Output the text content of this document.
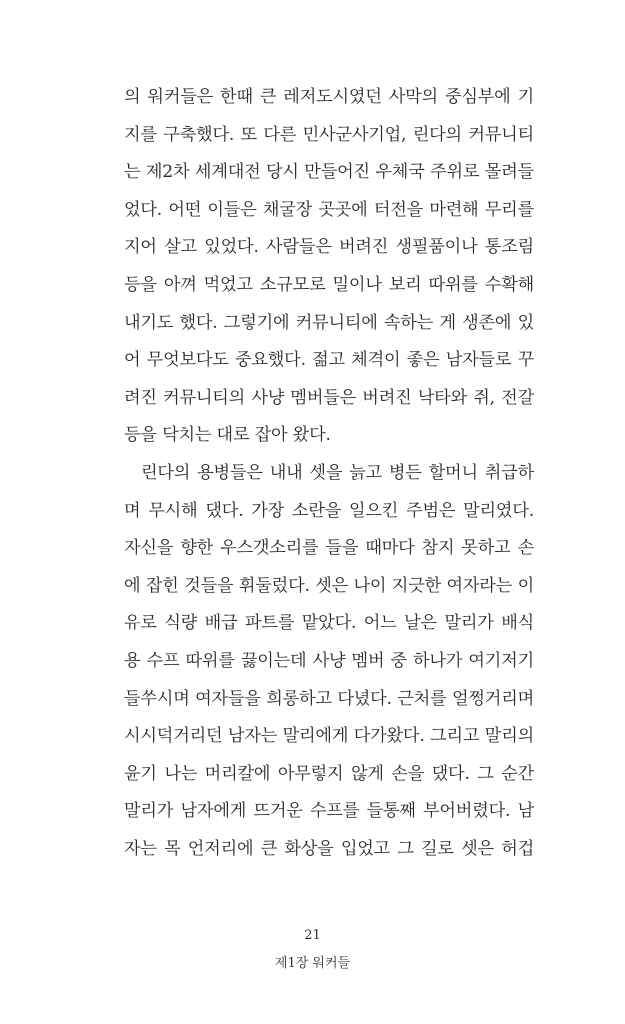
의 워커들은 한때 큰 레저도시였던 사막의 중심부에 기
지를 구축했다. 또 다른 민사군사기업, 린다의 커뮤니티
는 제2차 세계대전 당시 만들어진 우체국 주위로 몰려들
었다. 어떤 이들은 채굴장 곳곳에 터전을 마련해 무리를
지어 살고 있었다. 사람들은 버려진 생필품이나 통조림
등을 아껴 먹었고 소규모로 밀이나 보리 따위를 수확해
내기도 했다. 그렇기에 커뮤니티에 속하는 게 생존에 있
어 무엇보다도 중요했다. 젊고 체격이 좋은 남자들로 꾸
려진 커뮤니티의 사냥 멤버들은 버려진 낙타와 쥐, 전갈
등을 닥치는 대로 잡아 왔다.
린다의 용병들은 내내 셋을 늙고 병든 할머니 취급하
며 무시해 댔다. 가장 소란을 일으킨 주범은 말리였다.
자신을 향한 우스갯소리를 들을 때마다 참지 못하고 손
에 잡힌 것들을 휘둘렀다. 셋은 나이 지긋한 여자라는 이
유로 식량 배급 파트를 맡았다. 어느 날은 말리가 배식
용 수프 따위를 끓이는데 사냥 멤버 중 하나가 여기저기
들쑤시며 여자들을 희롱하고 다녔다. 근처를 얼쩡거리며
시시덕거리던 남자는 말리에게 다가왔다. 그리고 말리의
윤기 나는 머리칼에 아무렇지 않게 손을 댔다. 그 순간
말리가 남자에게 뜨거운 수프를 들통째 부어버렸다. 남
자는 목 언저리에 큰 화상을 입었고 그 길로 셋은 허겁
21
제1장 워커들
